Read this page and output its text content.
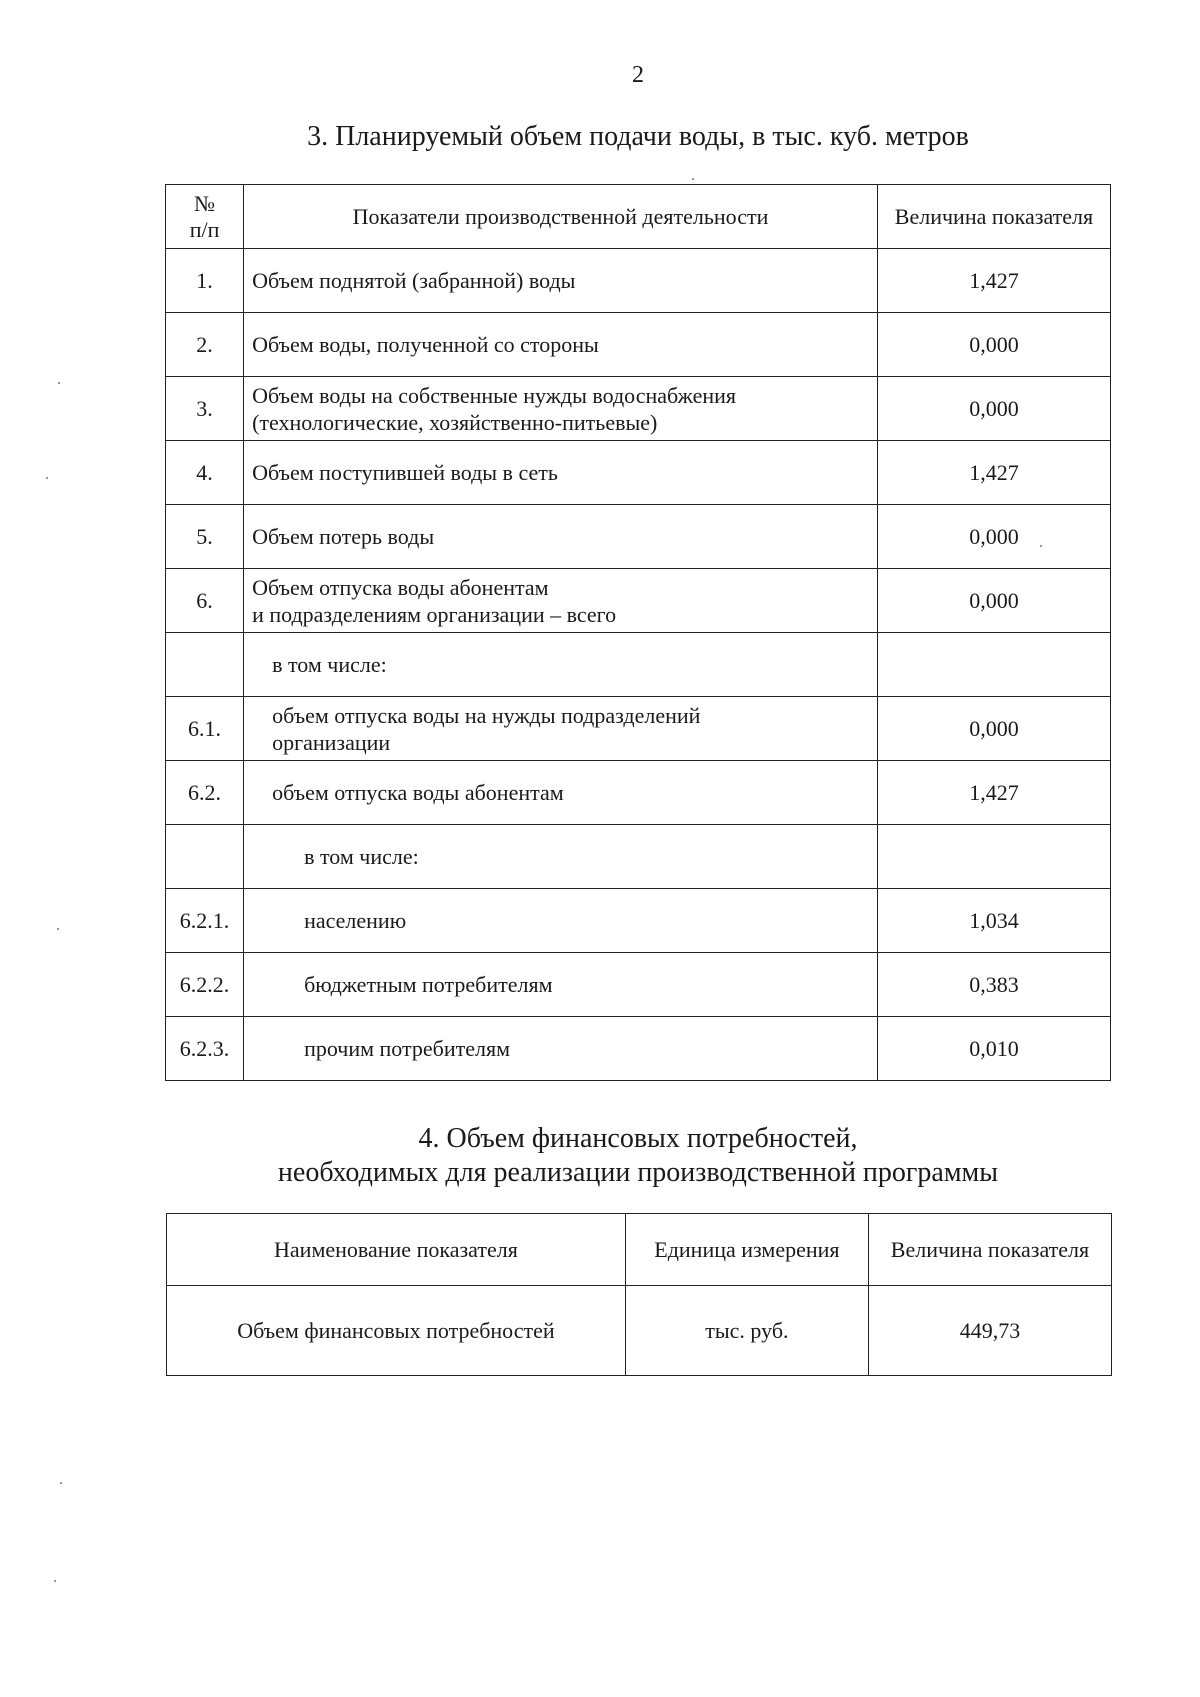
2
3. Планируемый объем подачи воды, в тыс. куб. метров
№
п/п	Показатели производственной деятельности	Величина показателя
1.	Объем поднятой (забранной) воды	1,427
2.	Объем воды, полученной со стороны	0,000
3.	Объем воды на собственные нужды водоснабжения
(технологические, хозяйственно-питьевые)	0,000
4.	Объем поступившей воды в сеть	1,427
5.	Объем потерь воды	0,000
6.	Объем отпуска воды абонентам
и подразделениям организации – всего	0,000

	в том числе:	

6.1.	объем отпуска воды на нужды подразделений
организации	0,000
6.2.	объем отпуска воды абонентам	1,427

	в том числе:	

6.2.1.	населению	1,034
6.2.2.	бюджетным потребителям	0,383
6.2.3.	прочим потребителям	0,010
4. Объем финансовых потребностей,
необходимых для реализации производственной программы
Наименование показателя	Единица измерения	Величина показателя
Объем финансовых потребностей	тыс. руб.	449,73
